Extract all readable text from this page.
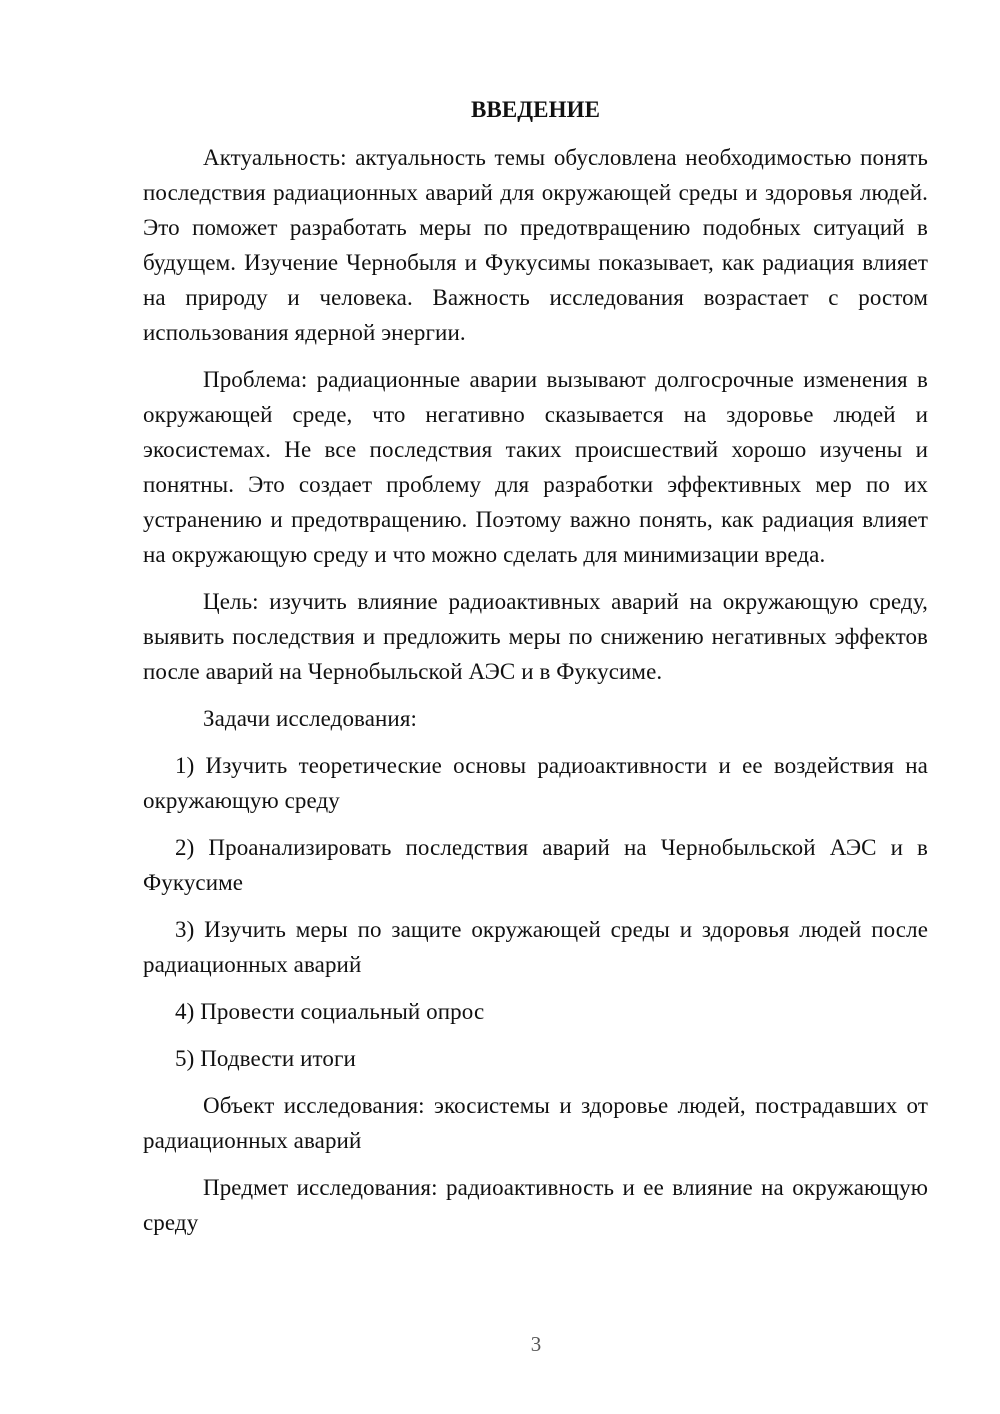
ВВЕДЕНИЕ

Актуальность: актуальность темы обусловлена необходимостью понять последствия радиационных аварий для окружающей среды и здоровья людей. Это поможет разработать меры по предотвращению подобных ситуаций в будущем. Изучение Чернобыля и Фукусимы показывает, как радиация влияет на природу и человека. Важность исследования возрастает с ростом использования ядерной энергии.

Проблема: радиационные аварии вызывают долгосрочные изменения в окружающей среде, что негативно сказывается на здоровье людей и экосистемах. Не все последствия таких происшествий хорошо изучены и понятны. Это создает проблему для разработки эффективных мер по их устранению и предотвращению. Поэтому важно понять, как радиация влияет на окружающую среду и что можно сделать для минимизации вреда.

Цель: изучить влияние радиоактивных аварий на окружающую среду, выявить последствия и предложить меры по снижению негативных эффектов после аварий на Чернобыльской АЭС и в Фукусиме.

Задачи исследования:

1) Изучить теоретические основы радиоактивности и ее воздействия на окружающую среду

2) Проанализировать последствия аварий на Чернобыльской АЭС и в Фукусиме

3) Изучить меры по защите окружающей среды и здоровья людей после радиационных аварий

4) Провести социальный опрос

5) Подвести итоги

Объект исследования: экосистемы и здоровье людей, пострадавших от радиационных аварий

Предмет исследования: радиоактивность и ее влияние на окружающую среду

3
